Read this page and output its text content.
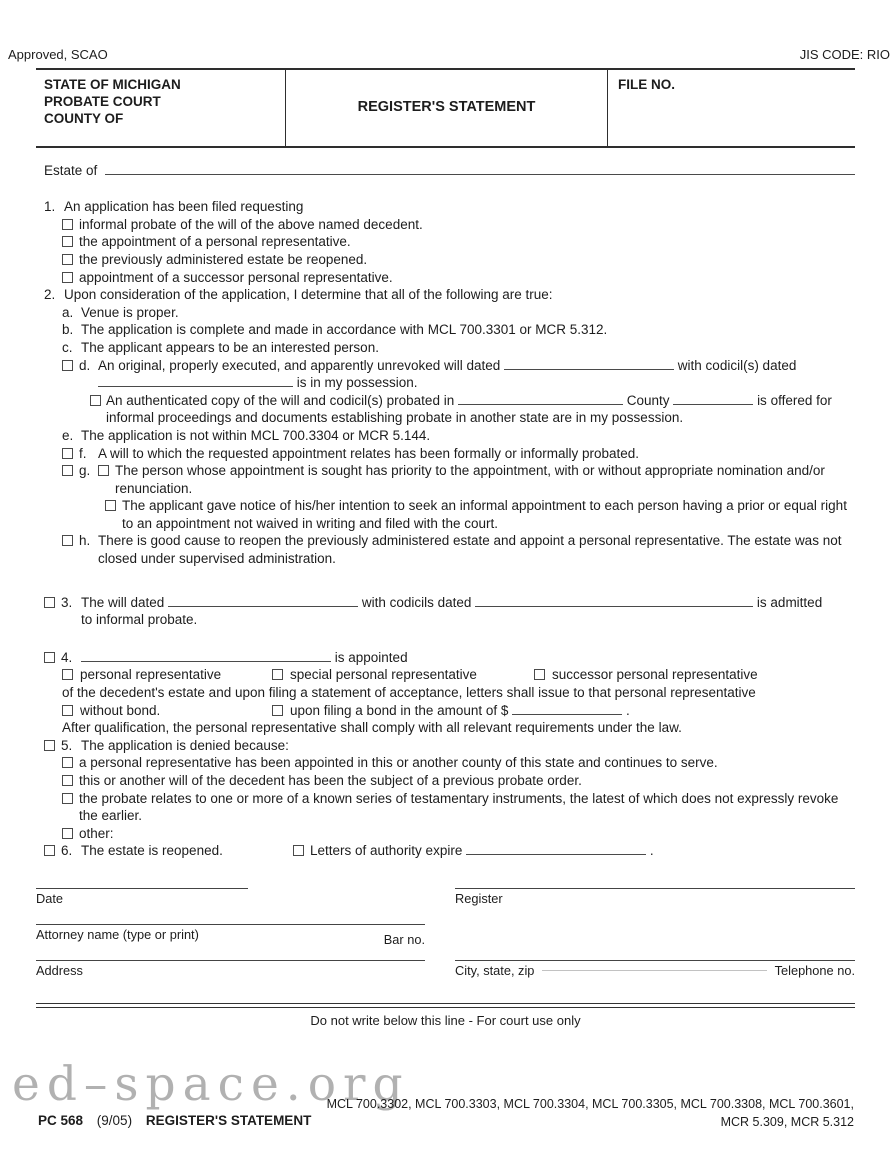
Approved, SCAO	JIS CODE: RIO
STATE OF MICHIGAN
PROBATE COURT
COUNTY OF
REGISTER'S STATEMENT
FILE NO.
Estate of
1. An application has been filed requesting
informal probate of the will of the above named decedent.
the appointment of a personal representative.
the previously administered estate be reopened.
appointment of a successor personal representative.
2. Upon consideration of the application, I determine that all of the following are true:
a. Venue is proper.
b. The application is complete and made in accordance with MCL 700.3301 or MCR 5.312.
c. The applicant appears to be an interested person.
d. An original, properly executed, and apparently unrevoked will dated	with codicil(s) dated  is in my possession.
An authenticated copy of the will and codicil(s) probated in	County	is offered for informal proceedings and documents establishing probate in another state are in my possession.
e. The application is not within MCL 700.3304 or MCR 5.144.
f. A will to which the requested appointment relates has been formally or informally probated.
g.	The person whose appointment is sought has priority to the appointment, with or without appropriate nomination and/or renunciation.
The applicant gave notice of his/her intention to seek an informal appointment to each person having a prior or equal right to an appointment not waived in writing and filed with the court.
h. There is good cause to reopen the previously administered estate and appoint a personal representative. The estate was not closed under supervised administration.
3. The will dated	with codicils dated	is admitted
to informal probate.
4.	is appointed
personal representative	special personal representative	successor personal representative
of the decedent's estate and upon filing a statement of acceptance, letters shall issue to that personal representative
without bond.	upon filing a bond in the amount of $	.
After qualification, the personal representative shall comply with all relevant requirements under the law.
5. The application is denied because:
a personal representative has been appointed in this or another county of this state and continues to serve.
this or another will of the decedent has been the subject of a previous probate order.
the probate relates to one or more of a known series of testamentary instruments, the latest of which does not expressly revoke the earlier.
other:
6. The estate is reopened.	Letters of authority expire	.
Date
Attorney name (type or print)	Bar no.
Address
Register
City, state, zip	Telephone no.
Do not write below this line - For court use only
ed–space.org
PC 568 (9/05) REGISTER'S STATEMENT
MCL 700.3302, MCL 700.3303, MCL 700.3304, MCL 700.3305, MCL 700.3308, MCL 700.3601,
MCR 5.309, MCR 5.312
